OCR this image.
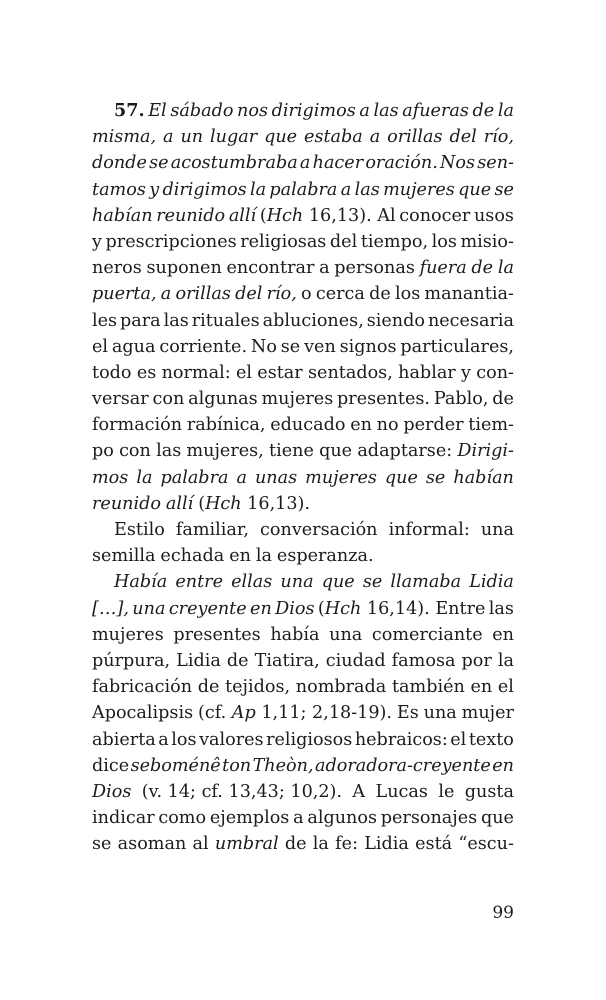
57. El sábado nos dirigimos a las afueras de la
misma, a un lugar que estaba a orillas del río,
donde se acostumbraba a hacer oración. Nos sen-
tamos y dirigimos la palabra a las mujeres que se
habían reunido allí (Hch 16,13). Al conocer usos
y prescripciones religiosas del tiempo, los misio-
neros suponen encontrar a personas fuera de la
puerta, a orillas del río, o cerca de los manantia-
les para las rituales abluciones, siendo necesaria
el agua corriente. No se ven signos particulares,
todo es normal: el estar sentados, hablar y con-
versar con algunas mujeres presentes. Pablo, de
formación rabínica, educado en no perder tiem-
po con las mujeres, tiene que adaptarse: Dirigi-
mos la palabra a unas mujeres que se habían
reunido allí (Hch 16,13).
Estilo familiar, conversación informal: una
semilla echada en la esperanza.
Había entre ellas una que se llamaba Lidia
[…], una creyente en Dios (Hch 16,14). Entre las
mujeres presentes había una comerciante en
púrpura, Lidia de Tiatira, ciudad famosa por la
fabricación de tejidos, nombrada también en el
Apocalipsis (cf. Ap 1,11; 2,18-19). Es una mujer
abierta a los valores religiosos hebraicos: el texto
dice seboménê ton Theòn, adoradora-creyente en
Dios (v. 14; cf. 13,43; 10,2). A Lucas le gusta
indicar como ejemplos a algunos personajes que
se asoman al umbral de la fe: Lidia está “escu-
99
